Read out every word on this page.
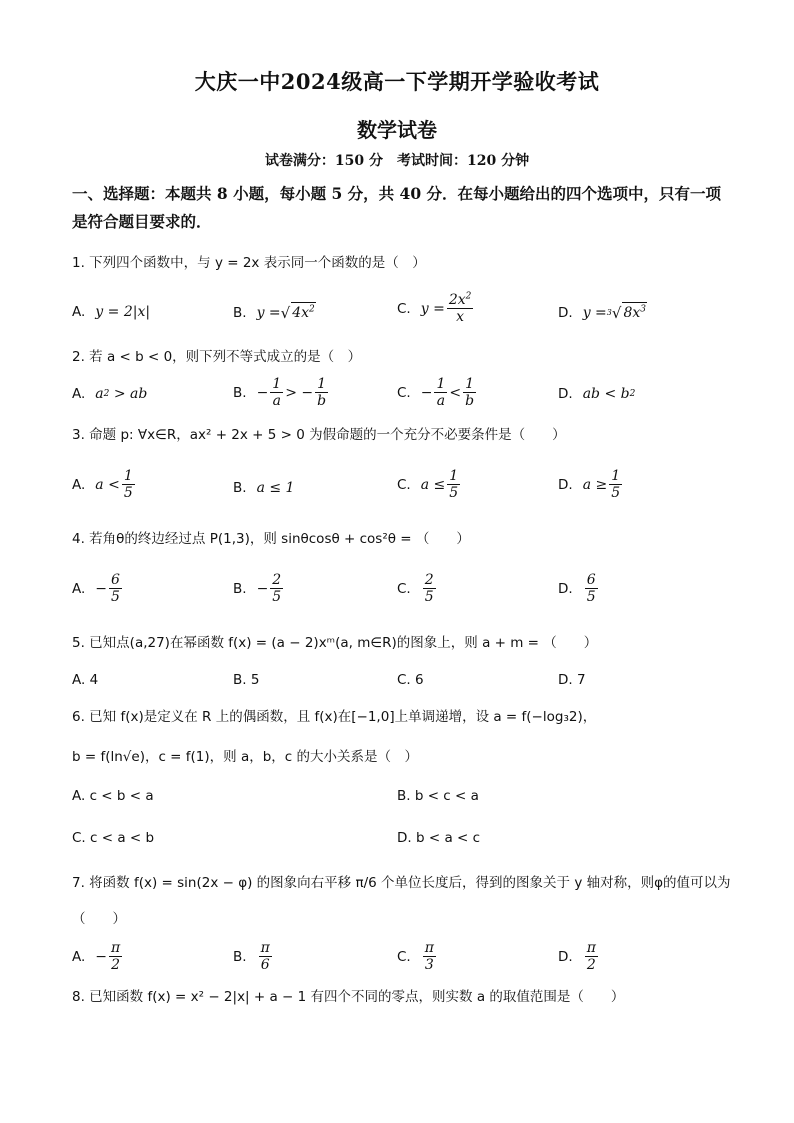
大庆一中2024级高一下学期开学验收考试
数学试卷
试卷满分：150 分　考试时间：120 分钟
一、选择题：本题共 8 小题，每小题 5 分，共 40 分．在每小题给出的四个选项中，只有一项
是符合题目要求的．
1. 下列四个函数中，与 y = 2x 表示同一个函数的是（　）
A. y = 2|x|	B. y = √ $4x^2$	C. $y = \frac{2x^2}{x}$	D. y = 3 √ $8x^3$
2. 若 a < b < 0，则下列不等式成立的是（　）
A. a 2 > ab	B. − $\frac{1}{a}$ > − $\frac{1}{b}$	C. − $\frac{1}{a} < \frac{1}{b}$	D. ab < b 2
3. 命题 p: ∀x∈R，ax² + 2x + 5 > 0 为假命题的一个充分不必要条件是（　　）
A. $a < \frac{1}{5}$	B. a ≤ 1	C. $a \le \frac{1}{5}$	D. $a \ge \frac{1}{5}$
4. 若角θ的终边经过点 P(1,3)，则 sinθcosθ + cos²θ = （　　）
A. − $\frac{6}{5}$	B. − $\frac{2}{5}$	C. $\frac{2}{5}$	D. $\frac{6}{5}$
5. 已知点(a,27)在幂函数 f(x) = (a − 2)xᵐ(a, m∈R)的图象上，则 a + m = （　　）
A. 4	B. 5	C. 6	D. 7
6. 已知 f(x)是定义在 R 上的偶函数，且 f(x)在[−1,0]上单调递增，设 a = f(−log₃2)，
b = f(ln√e)，c = f(1)，则 a，b，c 的大小关系是（　）
A. c < b < a	B. b < c < a
C. c < a < b	D. b < a < c
7. 将函数 f(x) = sin(2x − φ) 的图象向右平移 π/6 个单位长度后，得到的图象关于 y 轴对称，则φ的值可以为
（　　）
A. − $\frac{\pi}{2}$	B. $\frac{\pi}{6}$	C. $\frac{\pi}{3}$	D. $\frac{\pi}{2}$
8. 已知函数 f(x) = x² − 2|x| + a − 1 有四个不同的零点，则实数 a 的取值范围是（　　）
